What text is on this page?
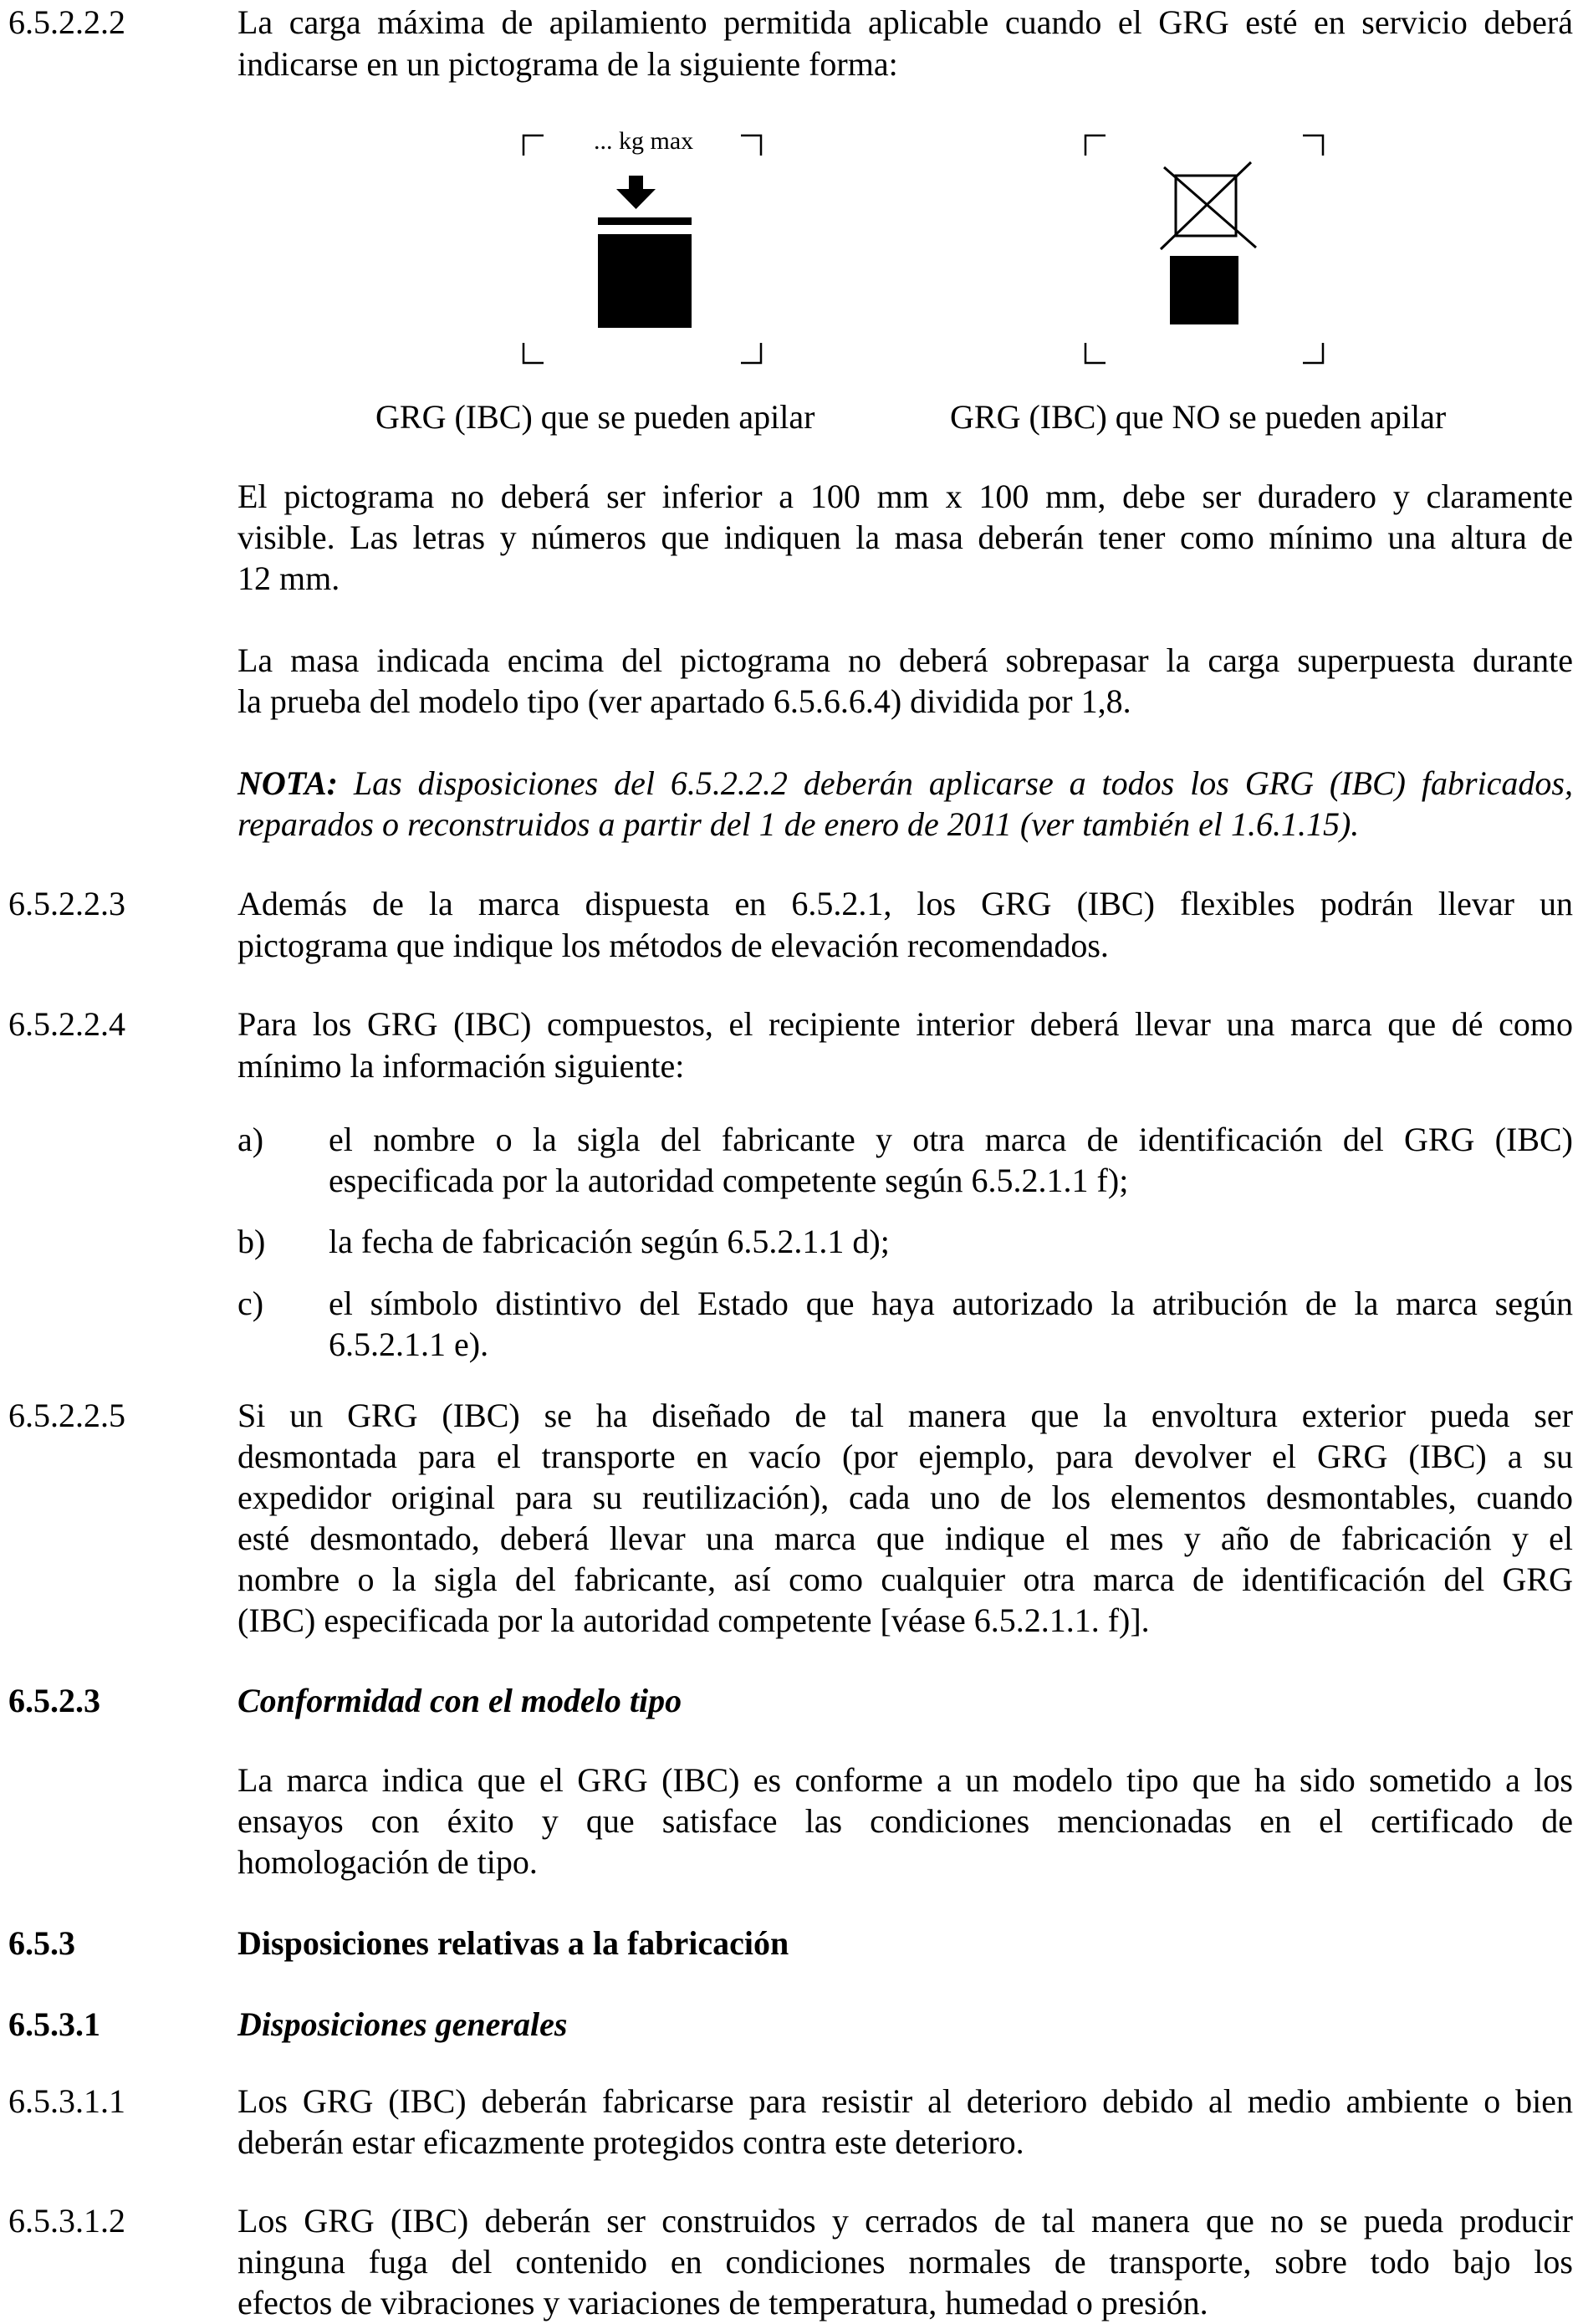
6.5.2.2.2	La carga máxima de apilamiento permitida aplicable cuando el GRG esté en servicio deberá

indicarse en un pictograma de la siguiente forma:

... kg max

GRG (IBC) que se pueden apilar	GRG (IBC) que NO se pueden apilar

El pictograma no deberá ser inferior a 100 mm x 100 mm, debe ser duradero y claramente

visible. Las letras y números que indiquen la masa deberán tener como mínimo una altura de

12 mm.

La masa indicada encima del pictograma no deberá sobrepasar la carga superpuesta durante

la prueba del modelo tipo (ver apartado 6.5.6.6.4) dividida por 1,8.

NOTA: Las disposiciones del 6.5.2.2.2 deberán aplicarse a todos los GRG (IBC) fabricados,

reparados o reconstruidos a partir del 1 de enero de 2011 (ver también el 1.6.1.15).

6.5.2.2.3	Además de la marca dispuesta en 6.5.2.1, los GRG (IBC) flexibles podrán llevar un

pictograma que indique los métodos de elevación recomendados.

6.5.2.2.4	Para los GRG (IBC) compuestos, el recipiente interior deberá llevar una marca que dé como

mínimo la información siguiente:

a) el nombre o la sigla del fabricante y otra marca de identificación del GRG (IBC)

especificada por la autoridad competente según 6.5.2.1.1 f);

b) la fecha de fabricación según 6.5.2.1.1 d);

c) el símbolo distintivo del Estado que haya autorizado la atribución de la marca según

6.5.2.1.1 e).

6.5.2.2.5	Si un GRG (IBC) se ha diseñado de tal manera que la envoltura exterior pueda ser

desmontada para el transporte en vacío (por ejemplo, para devolver el GRG (IBC) a su

expedidor original para su reutilización), cada uno de los elementos desmontables, cuando

esté desmontado, deberá llevar una marca que indique el mes y año de fabricación y el

nombre o la sigla del fabricante, así como cualquier otra marca de identificación del GRG

(IBC) especificada por la autoridad competente [véase 6.5.2.1.1. f)].

6.5.2.3	Conformidad con el modelo tipo

La marca indica que el GRG (IBC) es conforme a un modelo tipo que ha sido sometido a los

ensayos con éxito y que satisface las condiciones mencionadas en el certificado de

homologación de tipo.

6.5.3	Disposiciones relativas a la fabricación

6.5.3.1	Disposiciones generales

6.5.3.1.1	Los GRG (IBC) deberán fabricarse para resistir al deterioro debido al medio ambiente o bien

deberán estar eficazmente protegidos contra este deterioro.

6.5.3.1.2	Los GRG (IBC) deberán ser construidos y cerrados de tal manera que no se pueda producir

ninguna fuga del contenido en condiciones normales de transporte, sobre todo bajo los

efectos de vibraciones y variaciones de temperatura, humedad o presión.
